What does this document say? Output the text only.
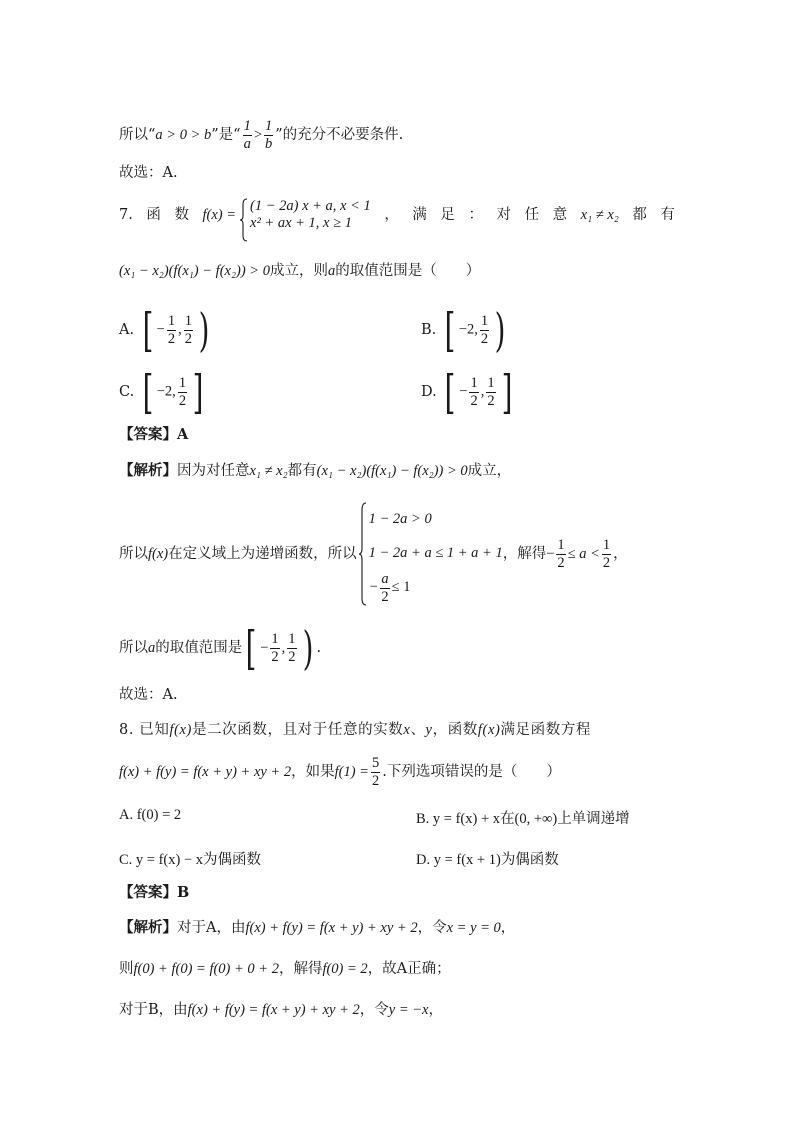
所以“a > 0 > b”是“ $\frac{1}{a} > \frac{1}{b}$ ”的充分不必要条件.
故选：A.
7. 函 数 f(x) =
(1 − 2a) x + a, x < 1
x² + ax + 1, x ≥ 1
， 满 足 ： 对 任 意 x₁ ≠ x₂ 都 有
(x₁ − x₂)(f(x₁) − f(x₂)) > 0成立，则a的取值范围是（　　）
A. [ − $\frac{1}{2}$ , $\frac{1}{2}$ )	B. [ −2, $\frac{1}{2}$ )
C. [ −2, $\frac{1}{2}$ ]	D. [ − $\frac{1}{2}$ , $\frac{1}{2}$ ]
【答案】A
【解析】因为对任意x₁ ≠ x₂都有(x₁ − x₂)(f(x₁) − f(x₂)) > 0成立，
所以 f(x) 在定义域上为递增函数，所以
1 − 2a > 0
1 − 2a + a ≤ 1 + a + 1
− $\frac{a}{2} \le 1$
，解得 − $\frac{1}{2} \le a < \frac{1}{2}$ ，
所以 a 的取值范围是 [ − $\frac{1}{2}$ , $\frac{1}{2}$ ) .
故选：A.
8. 已知f(x)是二次函数，且对于任意的实数x、y，函数f(x)满足函数方程
f(x) + f(y) = f(x + y) + xy + 2 ，如果 $f(1) = \frac{5}{2}$ .下列选项错误的是（　　）
A. f(0) = 2	B. y = f(x) + x在(0, +∞)上单调递增
C. y = f(x) − x为偶函数	D. y = f(x + 1)为偶函数
【答案】B
【解析】对于A，由f(x) + f(y) = f(x + y) + xy + 2，令x = y = 0，
则f(0) + f(0) = f(0) + 0 + 2，解得f(0) = 2，故A正确；
对于B，由f(x) + f(y) = f(x + y) + xy + 2，令y = −x，
